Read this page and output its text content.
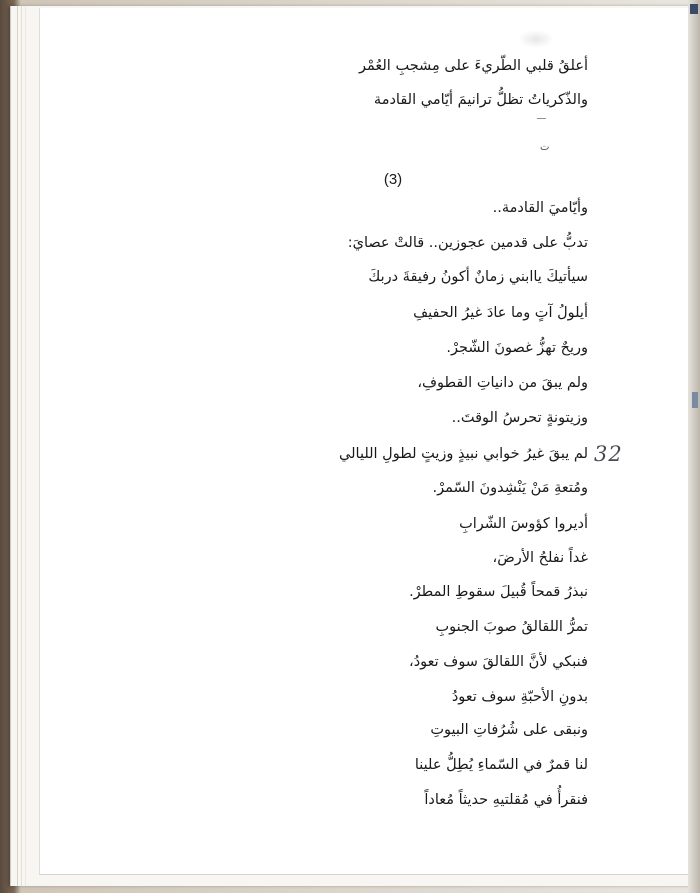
أعلقُ قلبي الطّريءَ على مِشجبِ العُمْر
والذّكرياتُ تظلُّ ترانيمَ أيّامي القادمة
ـــ
ت
(3)
وأيّاميَ القادمة..
تدبُّ على قدمين عجوزين.. قالتْ عصايَ:
سيأتيكَ ياابني زمانٌ أكونُ رفيقةَ دربكَ
أيلولُ آتٍ وما عادَ غيرُ الحفيفِ
وريحٌ تهزُّ غصونَ الشّجرْ.
ولم يبقَ من دانياتِ القطوفِ،
وزيتونةٍ تحرسُ الوقتَ..
لم يبقَ غيرُ خوابي نبيذٍ وزيتٍ لطولِ الليالي
ومُتعةِ مَنْ يَنْشِدونَ السّمرْ.
أديروا كؤوسَ الشّرابِ
غداً نفلحُ الأرضَ،
نبذرُ قمحاً قُبيلَ سقوطِ المطرْ.
تمرُّ اللقالقُ صوبَ الجنوبِ
فنبكي لأنَّ اللقالقَ سوف تعودُ،
بدونِ الأحبّةِ سوف تعودُ
ونبقى على شُرُفاتِ البيوتِ
لنا قمرٌ في السّماءِ يُطِلُّ علينا
فنقرأُ في مُقلتيهِ حديثاً مُعاداً
32
